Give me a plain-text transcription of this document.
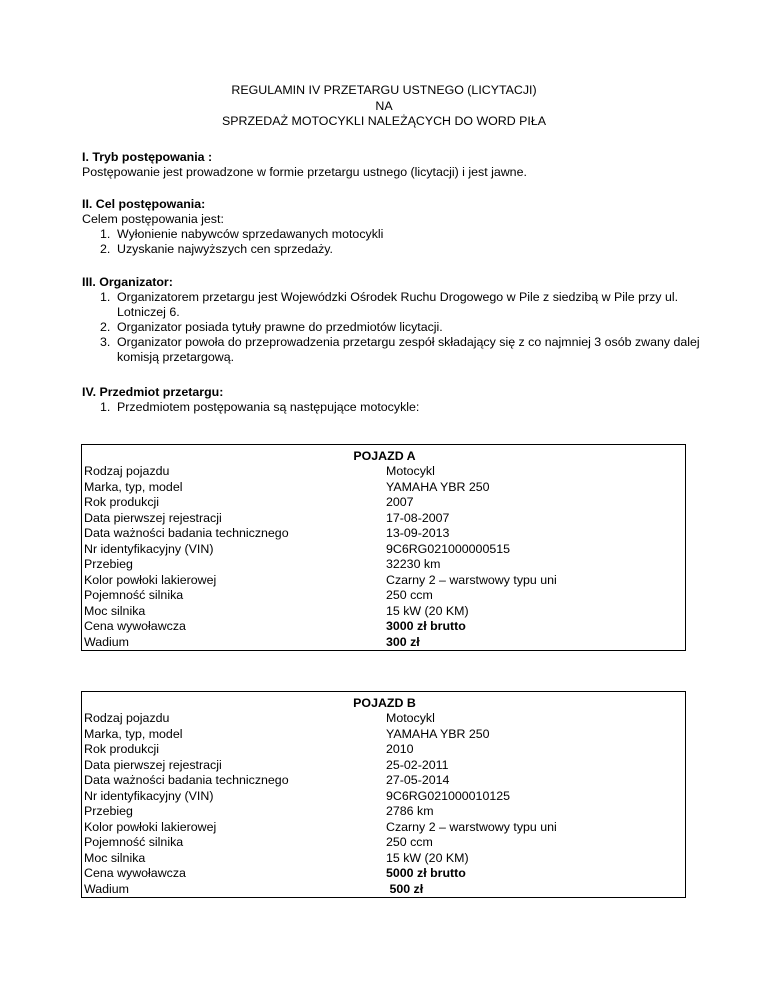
REGULAMIN IV PRZETARGU USTNEGO (LICYTACJI)
NA
SPRZEDAŻ MOTOCYKLI NALEŻĄCYCH DO WORD PIŁA
I. Tryb postępowania :
Postępowanie jest prowadzone w formie przetargu ustnego (licytacji) i jest jawne.
II. Cel postępowania:
Celem postępowania jest:
1. Wyłonienie nabywców sprzedawanych motocykli
2. Uzyskanie najwyższych cen sprzedaży.
III. Organizator:
1. Organizatorem przetargu jest Wojewódzki Ośrodek Ruchu Drogowego w Pile z siedzibą w Pile przy ul. Lotniczej 6.
2. Organizator posiada tytuły prawne do przedmiotów licytacji.
3. Organizator powoła do przeprowadzenia przetargu zespół składający się z co najmniej 3 osób zwany dalej komisją przetargową.
IV. Przedmiot przetargu:
1. Przedmiotem postępowania są następujące motocykle:
POJAZD A	
Rodzaj pojazdu	Motocykl
Marka, typ, model	YAMAHA YBR 250
Rok produkcji	2007
Data pierwszej rejestracji	17-08-2007
Data ważności badania technicznego	13-09-2013
Nr identyfikacyjny (VIN)	9C6RG021000000515
Przebieg	32230 km
Kolor powłoki lakierowej	Czarny 2 – warstwowy typu uni
Pojemność silnika	250 ccm
Moc silnika	15 kW (20 KM)
Cena wywoławcza	3000 zł brutto
Wadium	300 zł
POJAZD B	
Rodzaj pojazdu	Motocykl
Marka, typ, model	YAMAHA YBR 250
Rok produkcji	2010
Data pierwszej rejestracji	25-02-2011
Data ważności badania technicznego	27-05-2014
Nr identyfikacyjny (VIN)	9C6RG021000010125
Przebieg	2786 km
Kolor powłoki lakierowej	Czarny 2 – warstwowy typu uni
Pojemność silnika	250 ccm
Moc silnika	15 kW (20 KM)
Cena wywoławcza	5000 zł brutto
Wadium	500 zł
